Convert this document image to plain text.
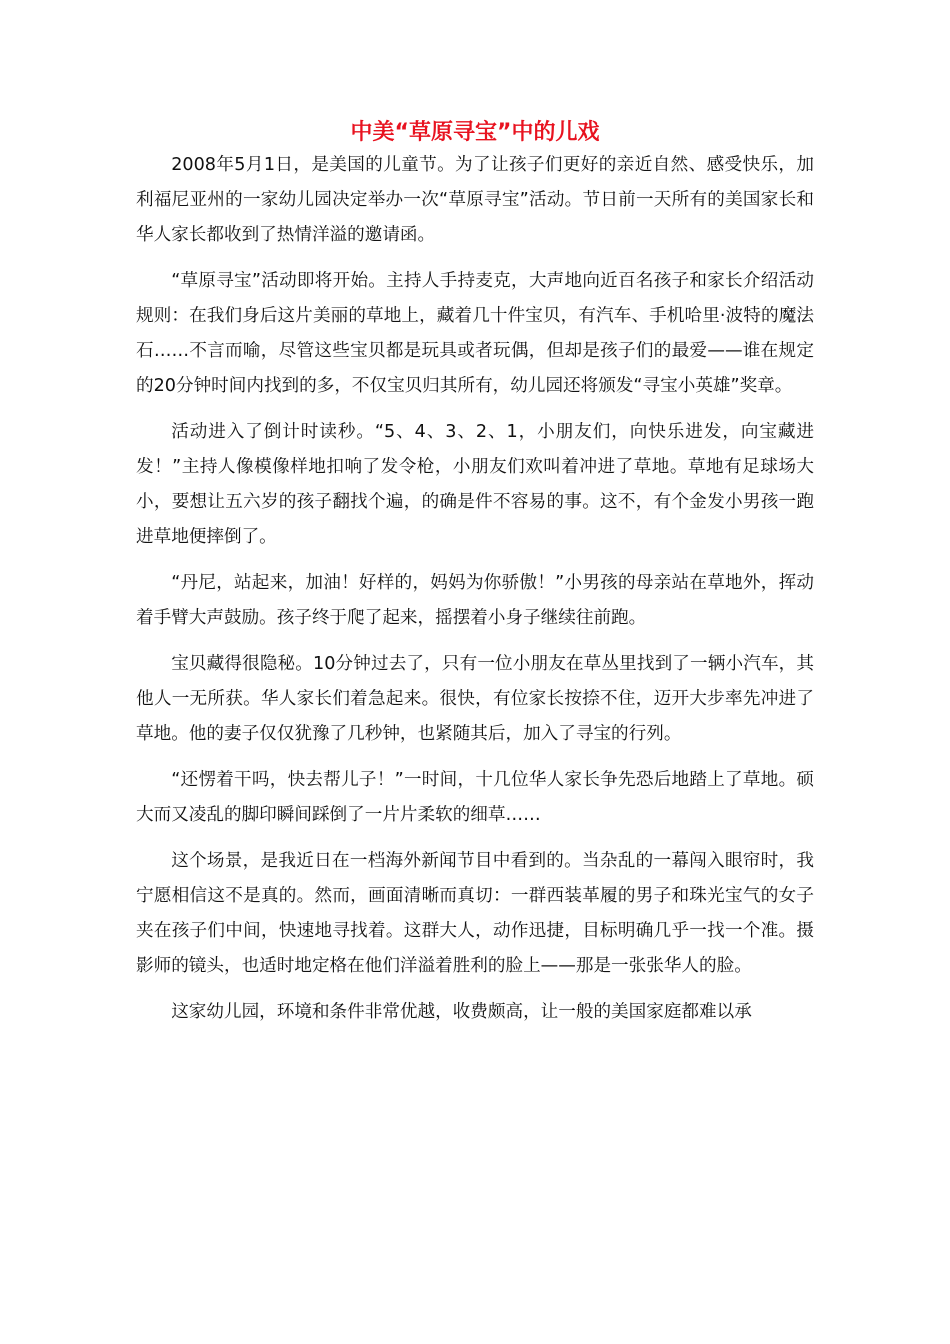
中美“草原寻宝”中的儿戏

2008年5月1日，是美国的儿童节。为了让孩子们更好的亲近自然、感受快乐，加利福尼亚州的一家幼儿园决定举办一次“草原寻宝”活动。节日前一天所有的美国家长和华人家长都收到了热情洋溢的邀请函。

“草原寻宝”活动即将开始。主持人手持麦克，大声地向近百名孩子和家长介绍活动规则：在我们身后这片美丽的草地上，藏着几十件宝贝，有汽车、手机哈里·波特的魔法石……不言而喻，尽管这些宝贝都是玩具或者玩偶，但却是孩子们的最爱——谁在规定的20分钟时间内找到的多，不仅宝贝归其所有，幼儿园还将颁发“寻宝小英雄”奖章。

活动进入了倒计时读秒。“5、4、3、2、1，小朋友们，向快乐进发，向宝藏进发！”主持人像模像样地扣响了发令枪，小朋友们欢叫着冲进了草地。草地有足球场大小，要想让五六岁的孩子翻找个遍，的确是件不容易的事。这不，有个金发小男孩一跑进草地便摔倒了。

“丹尼，站起来，加油！好样的，妈妈为你骄傲！”小男孩的母亲站在草地外，挥动着手臂大声鼓励。孩子终于爬了起来，摇摆着小身子继续往前跑。

宝贝藏得很隐秘。10分钟过去了，只有一位小朋友在草丛里找到了一辆小汽车，其他人一无所获。华人家长们着急起来。很快，有位家长按捺不住，迈开大步率先冲进了草地。他的妻子仅仅犹豫了几秒钟，也紧随其后，加入了寻宝的行列。

“还愣着干吗，快去帮儿子！”一时间，十几位华人家长争先恐后地踏上了草地。硕大而又凌乱的脚印瞬间踩倒了一片片柔软的细草……

这个场景，是我近日在一档海外新闻节目中看到的。当杂乱的一幕闯入眼帘时，我宁愿相信这不是真的。然而，画面清晰而真切：一群西装革履的男子和珠光宝气的女子夹在孩子们中间，快速地寻找着。这群大人，动作迅捷，目标明确几乎一找一个准。摄影师的镜头，也适时地定格在他们洋溢着胜利的脸上——那是一张张华人的脸。

这家幼儿园，环境和条件非常优越，收费颇高，让一般的美国家庭都难以承
